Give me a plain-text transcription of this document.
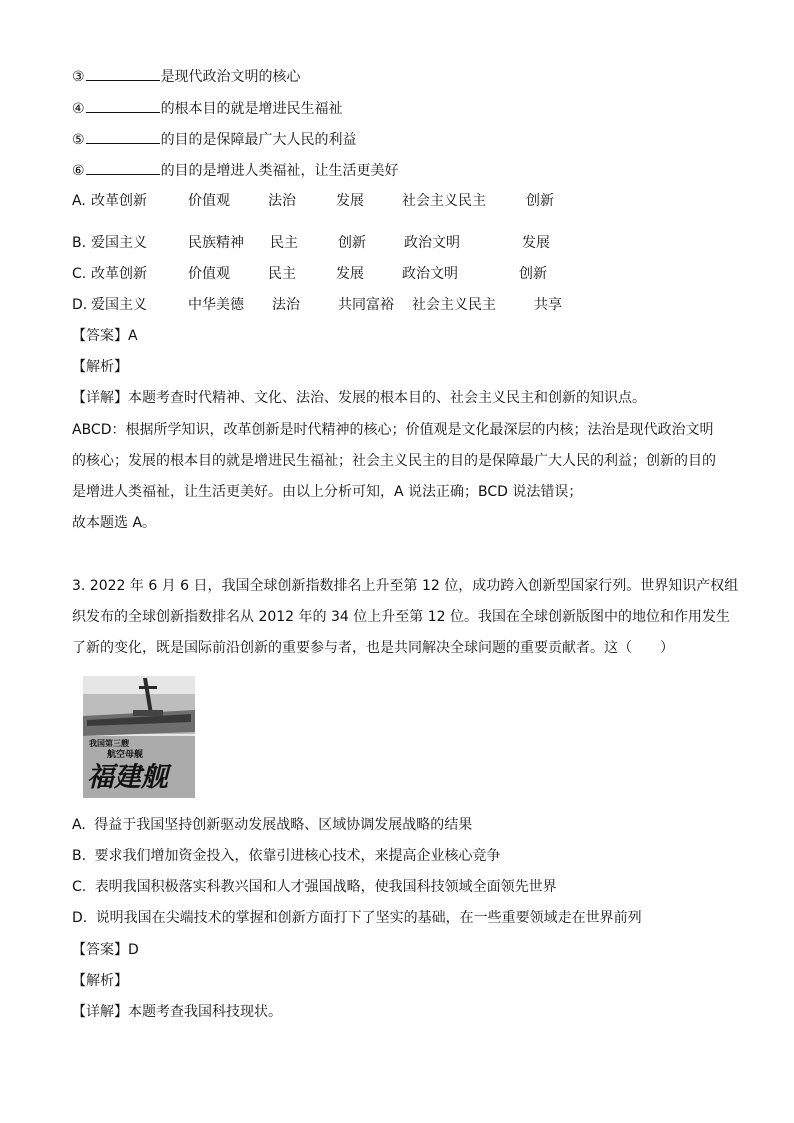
③	是现代政治文明的核心
④	的根本目的就是增进民生福祉
⑤	的目的是保障最广大人民的利益
⑥	的目的是增进人类福祉，让生活更美好
A. 改革创新	价值观	法治	发展	社会主义民主	创新
B. 爱国主义	民族精神 民主	创新	政治文明	发展
C. 改革创新	价值观	民主	发展	政治文明	创新
D. 爱国主义	中华美德 法治	共同富裕 社会主义民主	共享
【答案】A
【解析】
【详解】本题考查时代精神、文化、法治、发展的根本目的、社会主义民主和创新的知识点。
ABCD：根据所学知识，改革创新是时代精神的核心；价值观是文化最深层的内核；法治是现代政治文明
的核心；发展的根本目的就是增进民生福祉；社会主义民主的目的是保障最广大人民的利益；创新的目的
是增进人类福祉，让生活更美好。由以上分析可知，A 说法正确；BCD 说法错误；
故本题选 A。
3. 2022 年 6 月 6 日，我国全球创新指数排名上升至第 12 位，成功跨入创新型国家行列。世界知识产权组
织发布的全球创新指数排名从 2012 年的 34 位上升至第 12 位。我国在全球创新版图中的地位和作用发生
了新的变化，既是国际前沿创新的重要参与者，也是共同解决全球问题的重要贡献者。这（　　）
我国第三艘
航空母舰
福建舰
A. 得益于我国坚持创新驱动发展战略、区域协调发展战略的结果
B. 要求我们增加资金投入，依靠引进核心技术，来提高企业核心竞争
C. 表明我国积极落实科教兴国和人才强国战略，使我国科技领域全面领先世界
D. 说明我国在尖端技术的掌握和创新方面打下了坚实的基础，在一些重要领域走在世界前列
【答案】D
【解析】
【详解】本题考查我国科技现状。
